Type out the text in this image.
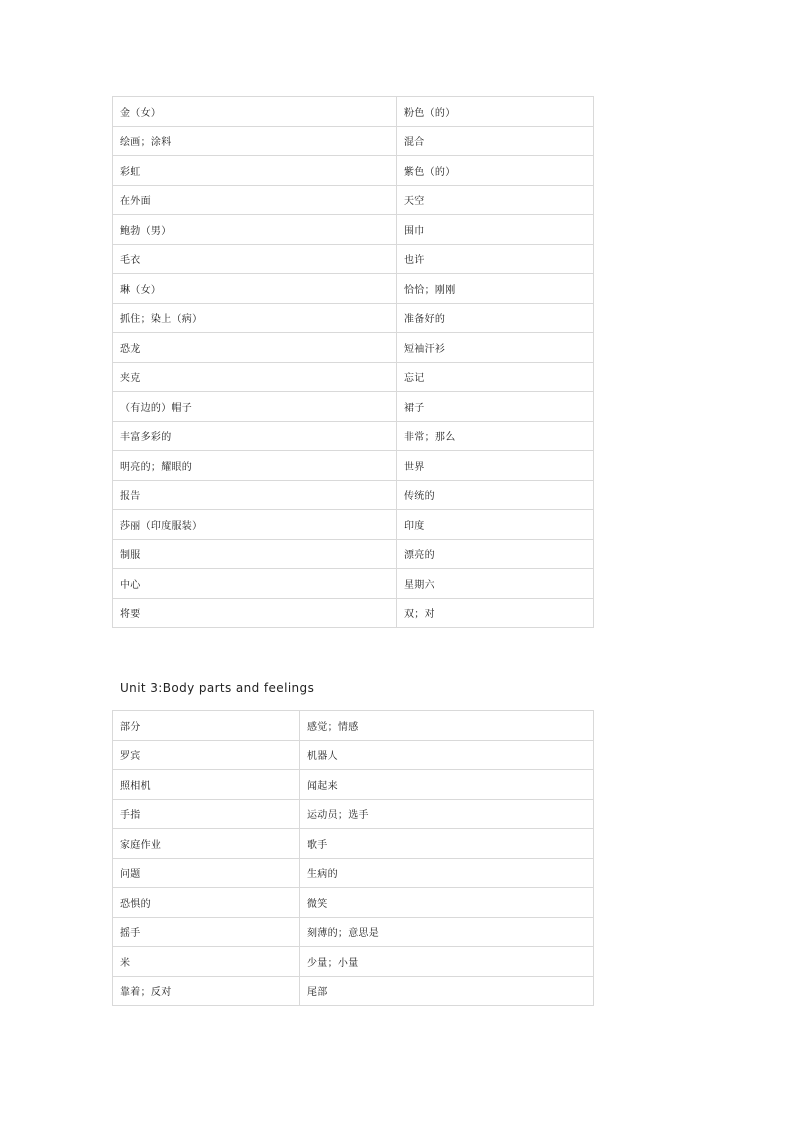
金（女）	粉色（的）
绘画；涂料	混合
彩虹	紫色（的）
在外面	天空
鲍勃（男）	围巾
毛衣	也许
琳（女）	恰恰；刚刚
抓住；染上（病）	准备好的
恐龙	短袖汗衫
夹克	忘记
（有边的）帽子	裙子
丰富多彩的	非常；那么
明亮的；耀眼的	世界
报告	传统的
莎丽（印度服装）	印度
制服	漂亮的
中心	星期六
将要	双；对
Unit 3:Body parts and feelings
部分	感觉；情感
罗宾	机器人
照相机	闻起来
手指	运动员；选手
家庭作业	歌手
问题	生病的
恐惧的	微笑
摇手	刻薄的；意思是
米	少量；小量
靠着；反对	尾部
